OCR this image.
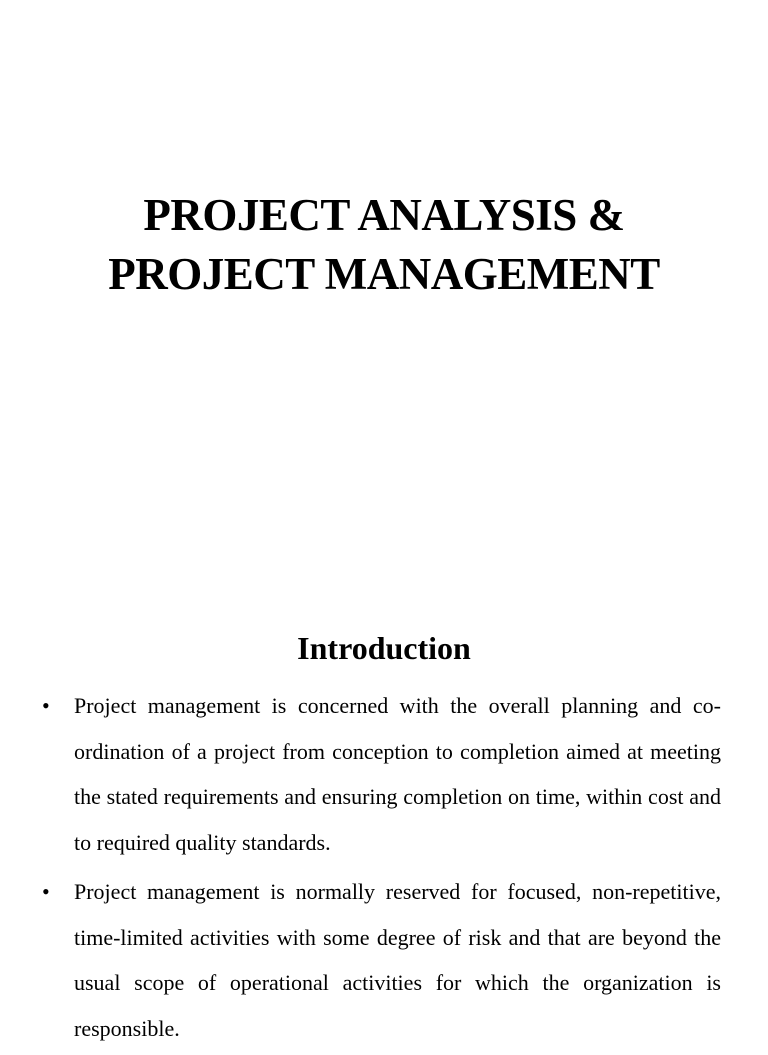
PROJECT ANALYSIS &
PROJECT MANAGEMENT
Introduction
• Project management is concerned with the overall planning and co-ordination of a project from conception to completion aimed at meeting the stated requirements and ensuring completion on time, within cost and to required quality standards.
• Project management is normally reserved for focused, non-repetitive, time-limited activities with some degree of risk and that are beyond the usual scope of operational activities for which the organization is responsible.
